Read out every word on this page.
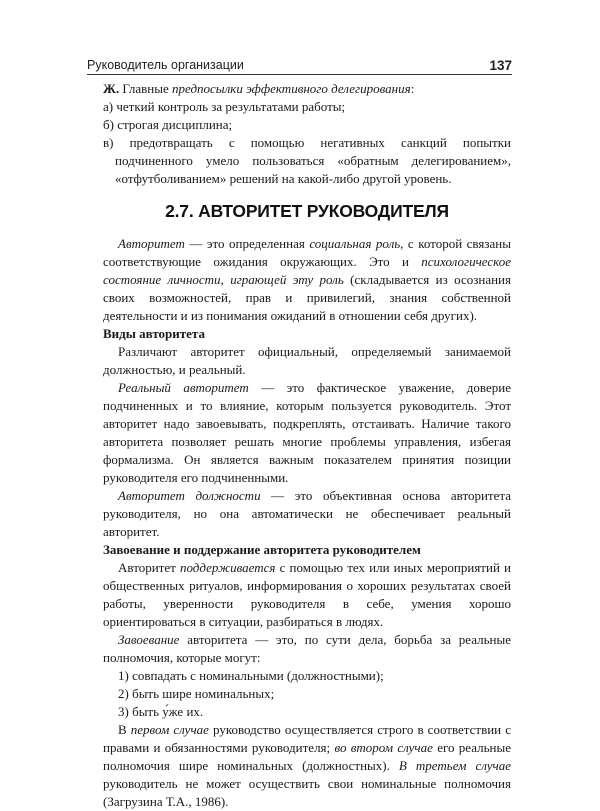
Руководитель организации	137

Ж. Главные предпосылки эффективного делегирования:

а) четкий контроль за результатами работы;

б) строгая дисциплина;

в) предотвращать с помощью негативных санкций попытки подчиненного умело пользоваться «обратным делегированием», «отфутболиванием» решений на какой-либо другой уровень.

2.7. АВТОРИТЕТ РУКОВОДИТЕЛЯ

Авторитет — это определенная социальная роль, с которой связаны соответствующие ожидания окружающих. Это и психологическое состояние личности, играющей эту роль (складывается из осознания своих возможностей, прав и привилегий, знания собственной деятельности и из понимания ожиданий в отношении себя других).

Виды авторитета

Различают авторитет официальный, определяемый занимаемой должностью, и реальный.

Реальный авторитет — это фактическое уважение, доверие подчиненных и то влияние, которым пользуется руководитель. Этот авторитет надо завоевывать, подкреплять, отстаивать. Наличие такого авторитета позволяет решать многие проблемы управления, избегая формализма. Он является важным показателем принятия позиции руководителя его подчиненными.

Авторитет должности — это объективная основа авторитета руководителя, но она автоматически не обеспечивает реальный авторитет.

Завоевание и поддержание авторитета руководителем

Авторитет поддерживается с помощью тех или иных мероприятий и общественных ритуалов, информирования о хороших результатах своей работы, уверенности руководителя в себе, умения хорошо ориентироваться в ситуации, разбираться в людях.

Завоевание авторитета — это, по сути дела, борьба за реальные полномочия, которые могут:

1) совпадать с номинальными (должностными);

2) быть шире номинальных;

3) быть у́же их.

В первом случае руководство осуществляется строго в соответствии с правами и обязанностями руководителя; во втором случае его реальные полномочия шире номинальных (должностных). В третьем случае руководитель не может осуществить свои номинальные полномочия (Загрузина Т.А., 1986).
